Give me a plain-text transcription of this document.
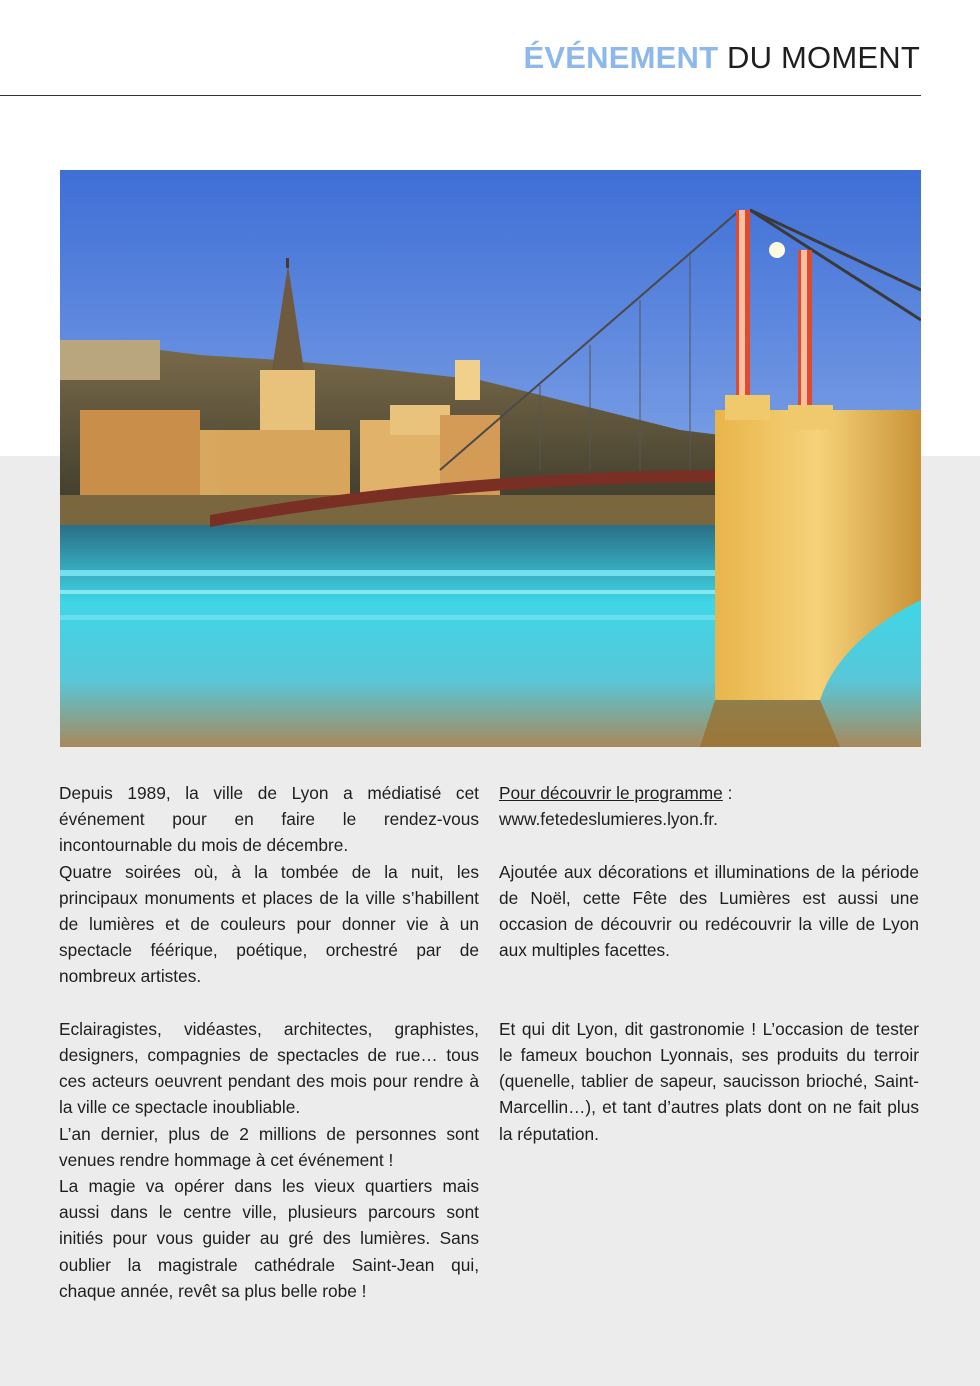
ÉVÉNEMENT DU MOMENT

Depuis 1989, la ville de Lyon a médiatisé cet événement pour en faire le rendez-vous incontournable du mois de décembre.

Quatre soirées où, à la tombée de la nuit, les principaux monuments et places de la ville s’habillent de lumières et de couleurs pour donner vie à un spectacle féérique, poétique, orchestré par de nombreux artistes.

Eclairagistes, vidéastes, architectes, graphistes, designers, compagnies de spectacles de rue… tous ces acteurs oeuvrent pendant des mois pour rendre à la ville ce spectacle inoubliable.

L’an dernier, plus de 2 millions de personnes sont venues rendre hommage à cet événement !

La magie va opérer dans les vieux quartiers mais aussi dans le centre ville, plusieurs parcours sont initiés pour vous guider au gré des lumières. Sans oublier la magistrale cathédrale Saint-Jean qui, chaque année, revêt sa plus belle robe !

Pour découvrir le programme :

www.fetedeslumieres.lyon.fr.

Ajoutée aux décorations et illuminations de la période de Noël, cette Fête des Lumières est aussi une occasion de découvrir ou redécouvrir la ville de Lyon aux multiples facettes.

Et qui dit Lyon, dit gastronomie ! L’occasion de tester le fameux bouchon Lyonnais, ses produits du terroir (quenelle, tablier de sapeur, saucisson brioché, Saint-Marcellin…), et tant d’autres plats dont on ne fait plus la réputation.
